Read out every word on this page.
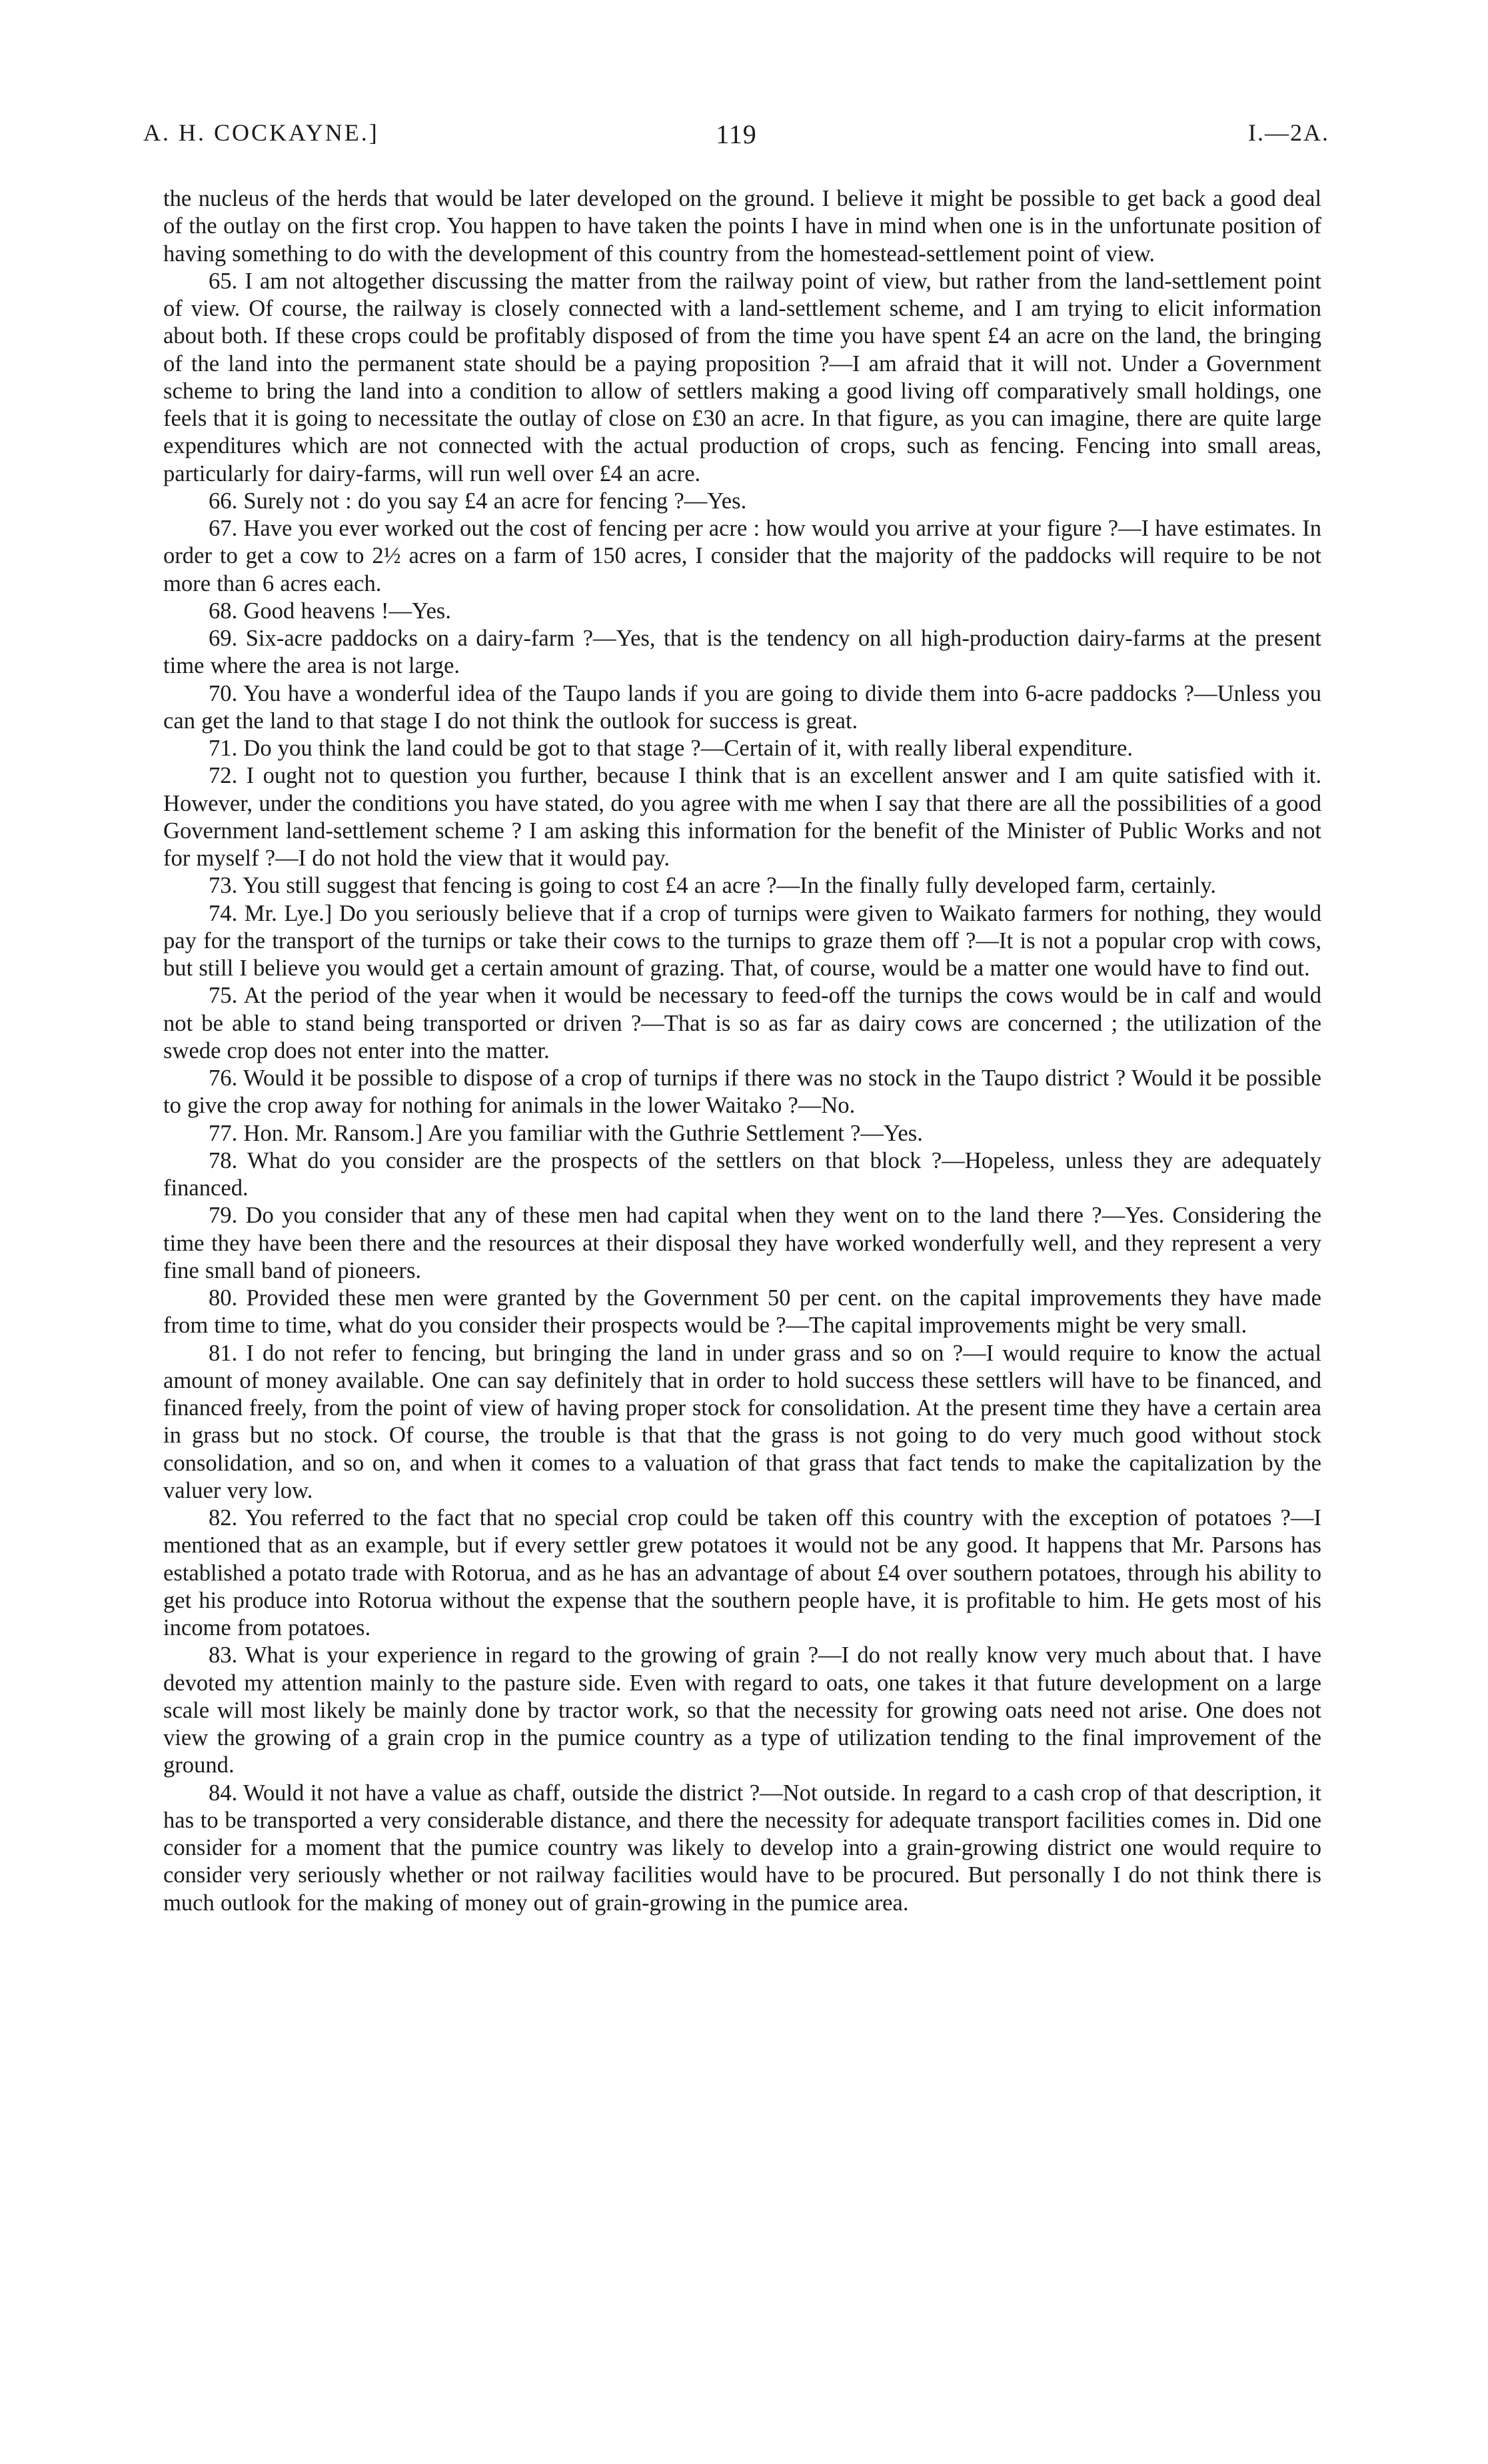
A. H. COCKAYNE.]	119	I.—2A.

the nucleus of the herds that would be later developed on the ground. I believe it might be possible to get back a good deal of the outlay on the first crop. You happen to have taken the points I have in mind when one is in the unfortunate position of having something to do with the development of this country from the homestead-settlement point of view.

65. I am not altogether discussing the matter from the railway point of view, but rather from the land-settlement point of view. Of course, the railway is closely connected with a land-settlement scheme, and I am trying to elicit information about both. If these crops could be profitably disposed of from the time you have spent £4 an acre on the land, the bringing of the land into the permanent state should be a paying proposition ?—I am afraid that it will not. Under a Government scheme to bring the land into a condition to allow of settlers making a good living off comparatively small holdings, one feels that it is going to necessitate the outlay of close on £30 an acre. In that figure, as you can imagine, there are quite large expenditures which are not connected with the actual production of crops, such as fencing. Fencing into small areas, particularly for dairy-farms, will run well over £4 an acre.

66. Surely not : do you say £4 an acre for fencing ?—Yes.

67. Have you ever worked out the cost of fencing per acre : how would you arrive at your figure ?—I have estimates. In order to get a cow to 2½ acres on a farm of 150 acres, I consider that the majority of the paddocks will require to be not more than 6 acres each.

68. Good heavens !—Yes.

69. Six-acre paddocks on a dairy-farm ?—Yes, that is the tendency on all high-production dairy-farms at the present time where the area is not large.

70. You have a wonderful idea of the Taupo lands if you are going to divide them into 6-acre paddocks ?—Unless you can get the land to that stage I do not think the outlook for success is great.

71. Do you think the land could be got to that stage ?—Certain of it, with really liberal expenditure.

72. I ought not to question you further, because I think that is an excellent answer and I am quite satisfied with it. However, under the conditions you have stated, do you agree with me when I say that there are all the possibilities of a good Government land-settlement scheme ? I am asking this information for the benefit of the Minister of Public Works and not for myself ?—I do not hold the view that it would pay.

73. You still suggest that fencing is going to cost £4 an acre ?—In the finally fully developed farm, certainly.

74. Mr. Lye.] Do you seriously believe that if a crop of turnips were given to Waikato farmers for nothing, they would pay for the transport of the turnips or take their cows to the turnips to graze them off ?—It is not a popular crop with cows, but still I believe you would get a certain amount of grazing. That, of course, would be a matter one would have to find out.

75. At the period of the year when it would be necessary to feed-off the turnips the cows would be in calf and would not be able to stand being transported or driven ?—That is so as far as dairy cows are concerned ; the utilization of the swede crop does not enter into the matter.

76. Would it be possible to dispose of a crop of turnips if there was no stock in the Taupo district ? Would it be possible to give the crop away for nothing for animals in the lower Waitako ?—No.

77. Hon. Mr. Ransom.] Are you familiar with the Guthrie Settlement ?—Yes.

78. What do you consider are the prospects of the settlers on that block ?—Hopeless, unless they are adequately financed.

79. Do you consider that any of these men had capital when they went on to the land there ?—Yes. Considering the time they have been there and the resources at their disposal they have worked wonderfully well, and they represent a very fine small band of pioneers.

80. Provided these men were granted by the Government 50 per cent. on the capital improvements they have made from time to time, what do you consider their prospects would be ?—The capital improvements might be very small.

81. I do not refer to fencing, but bringing the land in under grass and so on ?—I would require to know the actual amount of money available. One can say definitely that in order to hold success these settlers will have to be financed, and financed freely, from the point of view of having proper stock for consolidation. At the present time they have a certain area in grass but no stock. Of course, the trouble is that that the grass is not going to do very much good without stock consolidation, and so on, and when it comes to a valuation of that grass that fact tends to make the capitalization by the valuer very low.

82. You referred to the fact that no special crop could be taken off this country with the exception of potatoes ?—I mentioned that as an example, but if every settler grew potatoes it would not be any good. It happens that Mr. Parsons has established a potato trade with Rotorua, and as he has an advantage of about £4 over southern potatoes, through his ability to get his produce into Rotorua without the expense that the southern people have, it is profitable to him. He gets most of his income from potatoes.

83. What is your experience in regard to the growing of grain ?—I do not really know very much about that. I have devoted my attention mainly to the pasture side. Even with regard to oats, one takes it that future development on a large scale will most likely be mainly done by tractor work, so that the necessity for growing oats need not arise. One does not view the growing of a grain crop in the pumice country as a type of utilization tending to the final improvement of the ground.

84. Would it not have a value as chaff, outside the district ?—Not outside. In regard to a cash crop of that description, it has to be transported a very considerable distance, and there the necessity for adequate transport facilities comes in. Did one consider for a moment that the pumice country was likely to develop into a grain-growing district one would require to consider very seriously whether or not railway facilities would have to be procured. But personally I do not think there is much outlook for the making of money out of grain-growing in the pumice area.
